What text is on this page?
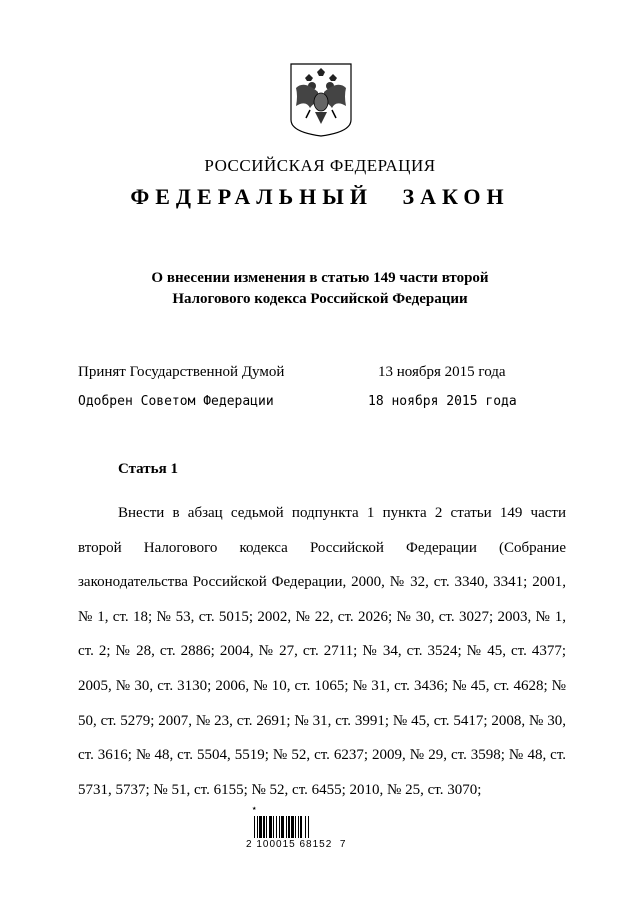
РОССИЙСКАЯ ФЕДЕРАЦИЯ
ФЕДЕРАЛЬНЫЙ ЗАКОН
О внесении изменения в статью 149 части второй
Налогового кодекса Российской Федерации
Принят Государственной Думой	13 ноября 2015 года
Одобрен Советом Федерации	18 ноября 2015 года
Статья 1
Внести в абзац седьмой подпункта 1 пункта 2 статьи 149 части второй Налогового кодекса Российской Федерации (Собрание законодательства Российской Федерации, 2000, № 32, ст. 3340, 3341; 2001, № 1, ст. 18; № 53, ст. 5015; 2002, № 22, ст. 2026; № 30, ст. 3027; 2003, № 1, ст. 2; № 28, ст. 2886; 2004, № 27, ст. 2711; № 34, ст. 3524; № 45, ст. 4377; 2005, № 30, ст. 3130; 2006, № 10, ст. 1065; № 31, ст. 3436; № 45, ст. 4628; № 50, ст. 5279; 2007, № 23, ст. 2691; № 31, ст. 3991; № 45, ст. 5417; 2008, № 30, ст. 3616; № 48, ст. 5504, 5519; № 52, ст. 6237; 2009, № 29, ст. 3598; № 48, ст. 5731, 5737; № 51, ст. 6155; № 52, ст. 6455; 2010, № 25, ст. 3070;
★
2 100015 68152  7
